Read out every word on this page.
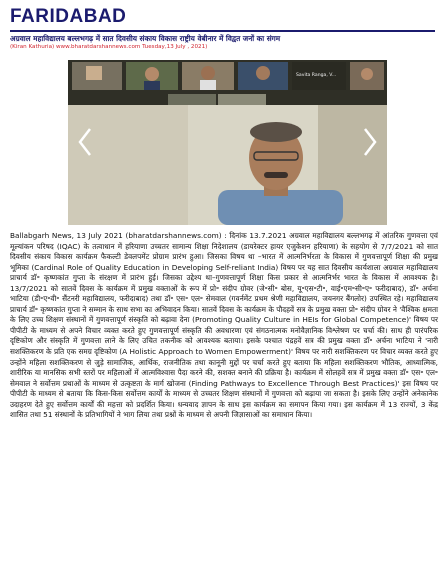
FARIDABAD
अग्रवाल महाविद्यालय बल्लभगढ़ में सात दिवसीय संकाय विकास राष्ट्रीय वेबीनार में विद्वत जनों का संगम
(Kiran Kathuria) www.bharatdarshannews.com Tuesday,13 July , 2021)
Savita Ranga, V...

Ballabgarh News, 13 July 2021 (bharatdarshannews.com) : दिनांक 13.7.2021 अग्रवाल महाविद्यालय बल्लभगढ़ में आंतरिक गुणवत्ता एवं मूल्यांकन परिषद (IQAC) के तत्वाधान में हरियाणा उच्चतर सामान्य शिक्षा निदेशालय (डायरेक्टर हायर एजुकेशन हरियाणा) के सहयोग से 7/7/2021 को सात दिवसीय संकाय विकास कार्यक्रम फैकल्टी डेवलपमेंट प्रोग्राम प्रारंभ हुआ। जिसका विषय था –भारत में आत्मनिर्भरता के विकास में गुणवत्तापूर्ण शिक्षा की प्रमुख भूमिका (Cardinal Role of Quality Education in Developing Self-reliant India) विषय पर यह सात दिवसीय कार्यशाला अग्रवाल महाविद्यालय प्राचार्य डॉ॰ कृष्णकांत गुप्ता के संरक्षण में प्रारंभ हुई। जिसका उद्देश्य था–गुणवत्तापूर्ण शिक्षा किस प्रकार से आत्मनिर्भर भारत के विकास में आवश्यक है। 13/7/2021 को सातवें दिवस के कार्यक्रम में प्रमुख वक्ताओं के रूप में प्रो॰ संदीप ग्रोवर (जे॰सी॰ बोस, यू॰एस॰टी॰, वाई॰एम॰सी॰ए॰ फरीदाबाद), डॉ॰ अर्चना भाटिया (डी॰ए॰वी॰ सैंटनरी महाविद्यालय, फरीदाबाद) तथा डॉ॰ एस॰ एल॰ सेमवाल (गवर्नमेंट प्रथम श्रेणी महाविद्यालय, जयनगर बैंगलोर) उपस्थित रहे। महाविद्यालय प्राचार्य डॉ॰ कृष्णकांत गुप्ता ने सम्मान के साथ सभा का अभिवादन किया। सातवें दिवस के कार्यक्रम के पौदहवें सत्र के प्रमुख वक्ता प्रो॰ संदीप ग्रोवर ने 'वैश्विक क्षमता के लिए उच्च शिक्षण संस्थानों में गुणवत्तापूर्ण संस्कृति को बढ़ावा देना (Promoting Quality Culture in HEIs for Global Competence)' विषय पर पीपीटी के माध्यम से अपने विचार व्यक्त करते हुए गुणवत्तापूर्ण संस्कृति की अवधारणा एवं संगठनात्मक मनोवैज्ञानिक विश्लेषण पर चर्चा की। साथ ही पारंपरिक दृष्टिकोण और संस्कृति में गुणवत्ता लाने के लिए उचित तकनीक को आवश्यक बताया। इसके पश्चात पंद्रहवें सत्र की प्रमुख वक्ता डॉ॰ अर्चना भाटिया ने 'नारी सशक्तिकरण के प्रति एक समग्र दृष्टिकोण (A Holistic Approach to Women Empowerment)' विषय पर नारी सशक्तिकरण पर विचार व्यक्त करते हुए उन्होंने महिला सशक्तिकरण से जुड़े सामाजिक, आर्थिक, राजनीतिक तथा कानूनी मुद्दों पर चर्चा करते हुए बताया कि महिला सशक्तिकरण भौतिक, आध्यात्मिक, शारीरिक या मानसिक सभी स्तरों पर महिलाओं में आत्मविश्वास पैदा करने की, सशक्त बनाने की प्रक्रिया है। कार्यक्रम में सोलहवें सत्र में प्रमुख वक्ता डॉ॰ एस॰ एल॰ सेमवाल ने सर्वोत्तम प्रथाओं के माध्यम से उत्कृष्टता के मार्ग खोजना (Finding Pathways to Excellence Through Best Practices)' इस विषय पर पीपीटी के माध्यम से बताया कि किस-किस सर्वोत्तम कार्यों के माध्यम से उच्चतर शिक्षण संस्थानों में गुणवत्ता को बढ़ाया जा सकता है। इसके लिए उन्होंने अनेकानेक उदाहरण देते हुए सर्वोत्तम कार्यों की महत्ता को प्रदर्शित किया। धन्यवाद ज्ञापन के साथ इस कार्यक्रम का समापन किया गया। इस कार्यक्रम में 13 राज्यों, 3 केंद्र शासित तथा 51 संस्थानों के प्रतिभागियों ने भाग लिया तथा प्रश्नों के माध्यम से अपनी जिज्ञासाओं का समाधान किया।
